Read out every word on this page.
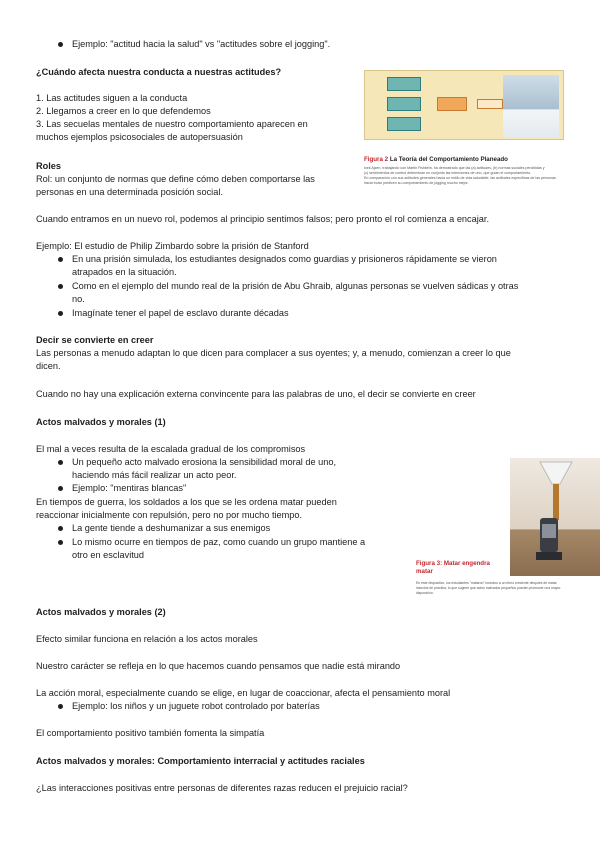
Ejemplo: "actitud hacia la salud" vs "actitudes sobre el jogging".
¿Cuándo afecta nuestra conducta a nuestras actitudes?
1. Las actitudes siguen a la conducta
2. Llegamos a creer en lo que defendemos
3. Las secuelas mentales de nuestro comportamiento aparecen en
muchos ejemplos psicosociales de autopersuasión
Figura 2 La Teoría del Comportamiento Planeado
Icek Ajzen, trabajando con Martin Fishbein, ha demostrado que las (a) actitudes, (b) normas sociales percibidas y
(c) sentimientos de control determinan en conjunto las intenciones de uno, que guían el comportamiento.
En comparación con sus actitudes generales hacia un estilo de vida saludable, las actitudes específicas de las personas
hacia trotar predicen su comportamiento de jogging mucho mejor.
Roles
Rol: un conjunto de normas que define cómo deben comportarse las
personas en una determinada posición social.
Cuando entramos en un nuevo rol, podemos al principio sentimos falsos; pero pronto el rol comienza a encajar.
Ejemplo: El estudio de Philip Zimbardo sobre la prisión de Stanford
En una prisión simulada, los estudiantes designados como guardias y prisioneros rápidamente se vieron
atrapados en la situación.
Como en el ejemplo del mundo real de la prisión de Abu Ghraib, algunas personas se vuelven sádicas y otras
no.
Imagínate tener el papel de esclavo durante décadas
Decir se convierte en creer
Las personas a menudo adaptan lo que dicen para complacer a sus oyentes; y, a menudo, comienzan a creer lo que
dicen.
Cuando no hay una explicación externa convincente para las palabras de uno, el decir se convierte en creer
Actos malvados y morales (1)
El mal a veces resulta de la escalada gradual de los compromisos
Un pequeño acto malvado erosiona la sensibilidad moral de uno,
haciendo más fácil realizar un acto peor.
Ejemplo: "mentiras blancas"
En tiempos de guerra, los soldados a los que se les ordena matar pueden
reaccionar inicialmente con repulsión, pero no por mucho tiempo.
La gente tiende a deshumanizar a sus enemigos
Lo mismo ocurre en tiempos de paz, como cuando un grupo mantiene a
otro en esclavitud
Figura 3: Matar engendra
matar
En este dispositivo, los estudiantes "mataron" insectos a un ritmo creciente después de matar
insectos de práctica, lo que sugiere que actos malvados pequeños pueden promover una mayor
disposición.
Actos malvados y morales (2)
Efecto similar funciona en relación a los actos morales
Nuestro carácter se refleja en lo que hacemos cuando pensamos que nadie está mirando
La acción moral, especialmente cuando se elige, en lugar de coaccionar, afecta el pensamiento moral
Ejemplo: los niños y un juguete robot controlado por baterías
El comportamiento positivo también fomenta la simpatía
Actos malvados y morales: Comportamiento interracial y actitudes raciales
¿Las interacciones positivas entre personas de diferentes razas reducen el prejuicio racial?
